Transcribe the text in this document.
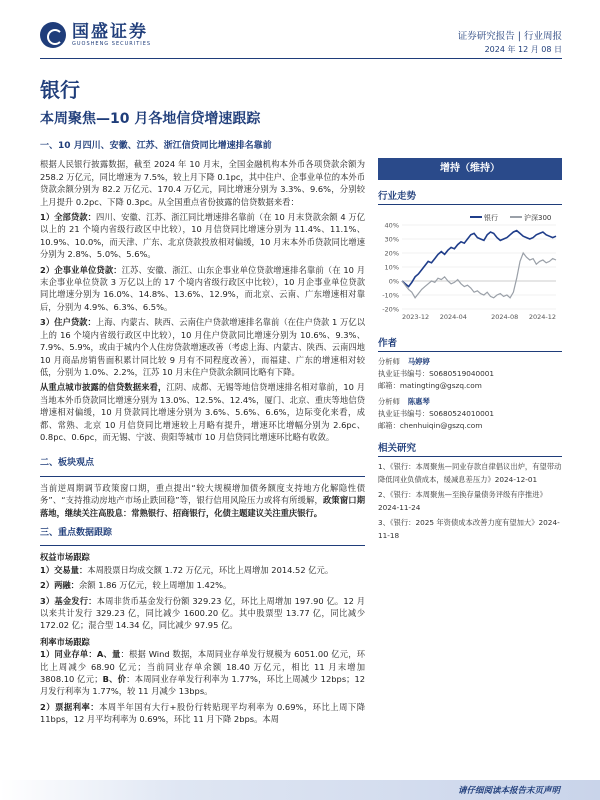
国盛证券
GUOSHENG SECURITIES
证券研究报告 | 行业周报
2024 年 12 月 08 日
银行
本周聚焦—10 月各地信贷增速跟踪
一、10 月四川、安徽、江苏、浙江信贷同比增速排名靠前
根据人民银行披露数据，截至 2024 年 10 月末，全国金融机构本外币各项贷款余额为 258.2 万亿元，同比增速为 7.5%，较上月下降 0.1pc，其中住户、企事业单位的本外币贷款余额分别为 82.2 万亿元、170.4 万亿元，同比增速分别为 3.3%、9.6%，分别较上月提升 0.2pc、下降 0.3pc。从全国重点省份披露的信贷数据来看：
1）全部贷款：四川、安徽、江苏、浙江同比增速排名靠前（在 10 月末贷款余额 4 万亿以上的 21 个境内省级行政区中比较），10 月信贷同比增速分别为 11.4%、11.1%、10.9%、10.0%，而天津、广东、北京贷款投放相对偏缓，10 月末本外币贷款同比增速分别为 2.8%、5.0%、5.6%。
2）企事业单位贷款：江苏、安徽、浙江、山东企事业单位贷款增速排名靠前（在 10 月末企事业单位贷款 3 万亿以上的 17 个境内省级行政区中比较），10 月企事业单位贷款同比增速分别为 16.0%、14.8%、13.6%、12.9%，而北京、云南、广东增速相对靠后，分别为 4.9%、6.3%、6.5%。
3）住户贷款：上海、内蒙古、陕西、云南住户贷款增速排名靠前（在住户贷款 1 万亿以上的 16 个境内省级行政区中比较），10 月住户贷款同比增速分别为 10.6%、9.3%、7.9%、5.9%，或由于城内个人住房贷款增速改善（考虑上海、内蒙古、陕西、云南四地 10 月商品房销售面积累计同比较 9 月有不同程度改善），而福建、广东的增速相对较低，分别为 1.0%、2.2%，江苏 10 月末住户贷款余额同比略有下降。
从重点城市披露的信贷数据来看，江阴、成都、无锡等地信贷增速排名相对靠前，10 月当地本外币贷款同比增速分别为 13.0%、12.5%、12.4%，厦门、北京、重庆等地信贷增速相对偏缓，10 月贷款同比增速分别为 3.6%、5.6%、6.6%，边际变化来看，成都、常熟、北京 10 月信贷同比增速较上月略有提升，增速环比增幅分别为 2.6pc、0.8pc、0.6pc，而无锡、宁波、贵阳等城市 10 月信贷同比增速环比略有收敛。
二、板块观点
当前逆周期调节政策窗口期，重点提出“较大规模增加债务额度支持地方化解隐性债务”、“支持推动房地产市场止跌回稳”等，银行信用风险压力或将有所缓解，政策窗口期落地，继续关注高股息：常熟银行、招商银行，化债主题建议关注重庆银行。
三、重点数据跟踪
权益市场跟踪
1）交易量：本周股票日均成交额 1.72 万亿元，环比上周增加 2014.52 亿元。
2）两融：余额 1.86 万亿元，较上周增加 1.42%。
3）基金发行：本周非货币基金发行份额 329.23 亿，环比上周增加 197.90 亿。12 月以来共计发行 329.23 亿，同比减少 1600.20 亿。其中股票型 13.77 亿，同比减少 172.02 亿；混合型 14.34 亿，同比减少 97.95 亿。
利率市场跟踪
1）同业存单：A、量：根据 Wind 数据，本周同业存单发行规模为 6051.00 亿元，环比上周减少 68.90 亿元；当前同业存单余额 18.40 万亿元，相比 11 月末增加 3808.10 亿元；B、价：本周同业存单发行利率为 1.77%，环比上周减少 12bps；12 月发行利率为 1.77%，较 11 月减少 13bps。
2）票据利率：本周半年国有大行+股份行转贴现平均利率为 0.69%，环比上周下降 11bps，12 月平均利率为 0.69%，环比 11 月下降 2bps。本周
增持（维持）
行业走势
-20%
-10%
0%
10%
20%
30%
40%
2023-12 2024-04	2024-08 2024-12
银行	沪深300
作者
分析师 马婷婷
执业证书编号：S0680519040001
邮箱：matingting@gszq.com
分析师 陈惠琴
执业证书编号：S0680524010001
邮箱：chenhuiqin@gszq.com
相关研究
1、《银行：本周聚焦—同业存款自律倡议出炉，有望带动降低同业负债成本，缓减息差压力》2024-12-01
2、《银行：本周聚焦—至换存量债务评级有序推进》2024-11-24
3、《银行：2025 年资债成本改善力度有望加大》2024-11-18
请仔细阅读本报告末页声明
